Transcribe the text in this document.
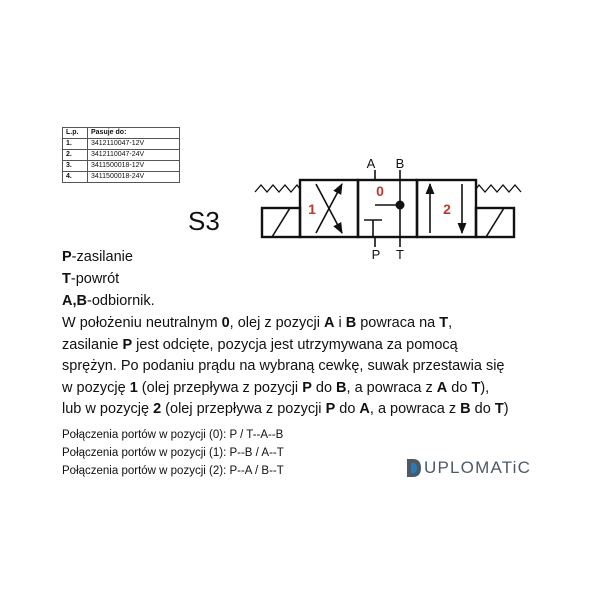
L.p.	Pasuje do:
1.	3412110047-12V
2.	3412110047-24V
3.	3411500018-12V
4.	3411500018-24V
S3
A B
P T
1
0
2
P-zasilanie
T-powrót
A,B-odbiornik.

W położeniu neutralnym 0, olej z pozycji A i B powraca na T,

zasilanie P jest odcięte, pozycja jest utrzymywana za pomocą

sprężyn. Po podaniu prądu na wybraną cewkę, suwak przestawia się

w pozycję 1 (olej przepływa z pozycji P do B, a powraca z A do T),

lub w pozycję 2 (olej przepływa z pozycji P do A, a powraca z B do T)

Połączenia portów w pozycji (0): P / T--A--B
Połączenia portów w pozycji (1): P--B / A--T
Połączenia portów w pozycji (2): P--A / B--T	UPLOMATiC
